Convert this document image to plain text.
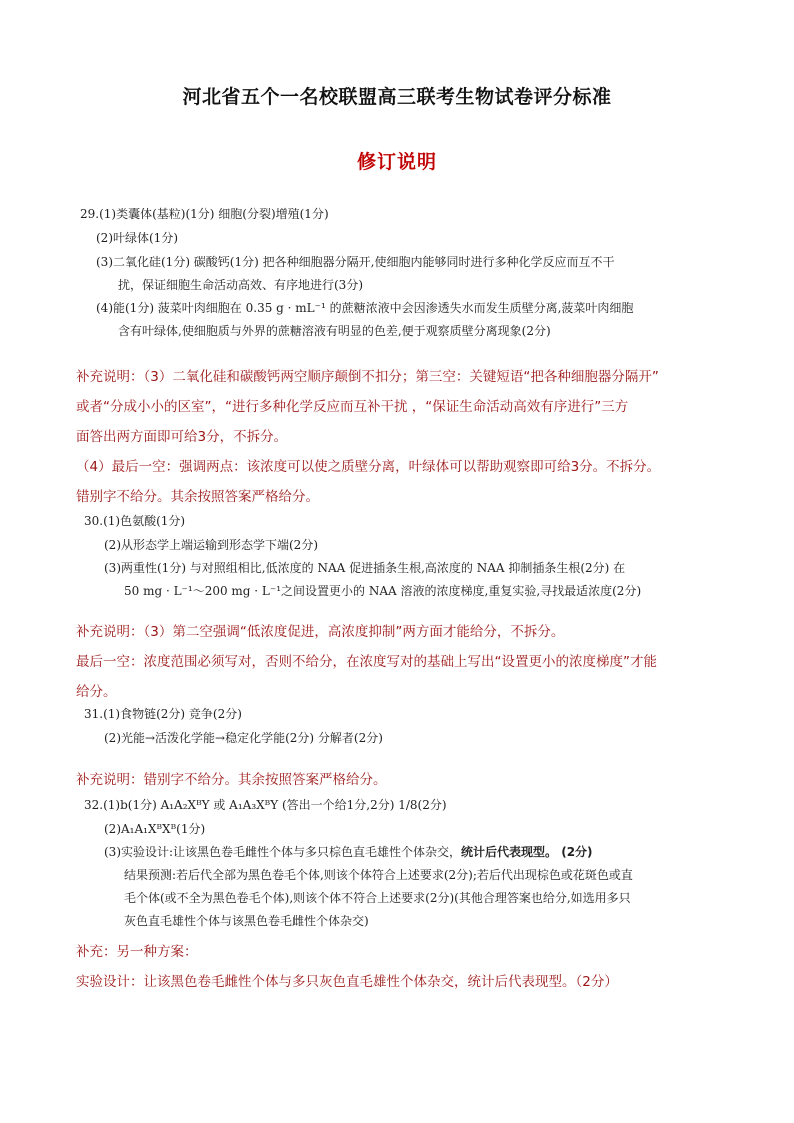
河北省五个一名校联盟高三联考生物试卷评分标准
修订说明
29.(1)类囊体(基粒)(1分) 细胞(分裂)增殖(1分)
(2)叶绿体(1分)
(3)二氧化硅(1分) 碳酸钙(1分) 把各种细胞器分隔开,使细胞内能够同时进行多种化学反应而互不干
扰，保证细胞生命活动高效、有序地进行(3分)
(4)能(1分) 菠菜叶肉细胞在 0.35 g · mL⁻¹ 的蔗糖浓液中会因渗透失水而发生质壁分离,菠菜叶肉细胞
含有叶绿体,使细胞质与外界的蔗糖溶液有明显的色差,便于观察质壁分离现象(2分)
补充说明：（3）二氧化硅和碳酸钙两空顺序颠倒不扣分；第三空：关键短语“把各种细胞器分隔开”
或者“分成小小的区室”，“进行多种化学反应而互补干扰 ，“保证生命活动高效有序进行”三方
面答出两方面即可给3分，不拆分。
（4）最后一空：强调两点：该浓度可以使之质壁分离，叶绿体可以帮助观察即可给3分。不拆分。
错别字不给分。其余按照答案严格给分。
30.(1)色氨酸(1分)
(2)从形态学上端运输到形态学下端(2分)
(3)两重性(1分) 与对照组相比,低浓度的 NAA 促进插条生根,高浓度的 NAA 抑制插条生根(2分) 在
50 mg · L⁻¹～200 mg · L⁻¹之间设置更小的 NAA 溶液的浓度梯度,重复实验,寻找最适浓度(2分)
补充说明：（3）第二空强调“低浓度促进，高浓度抑制”两方面才能给分，不拆分。
最后一空：浓度范围必须写对，否则不给分，在浓度写对的基础上写出“设置更小的浓度梯度”才能
给分。
31.(1)食物链(2分) 竞争(2分)
(2)光能→活泼化学能→稳定化学能(2分) 分解者(2分)
补充说明：错别字不给分。其余按照答案严格给分。
32.(1)b(1分) A₁A₂XᴮY 或 A₁A₃XᴮY (答出一个给1分,2分) 1/8(2分)
(2)A₁A₁XᴮXᴮ(1分)
(3)实验设计:让该黑色卷毛雌性个体与多只棕色直毛雄性个体杂交，统计后代表现型。 (2分)
结果预测:若后代全部为黑色卷毛个体,则该个体符合上述要求(2分);若后代出现棕色或花斑色或直
毛个体(或不全为黑色卷毛个体),则该个体不符合上述要求(2分)(其他合理答案也给分,如选用多只
灰色直毛雄性个体与该黑色卷毛雌性个体杂交)
补充：另一种方案：
实验设计：让该黑色卷毛雌性个体与多只灰色直毛雄性个体杂交，统计后代表现型。（2分）
